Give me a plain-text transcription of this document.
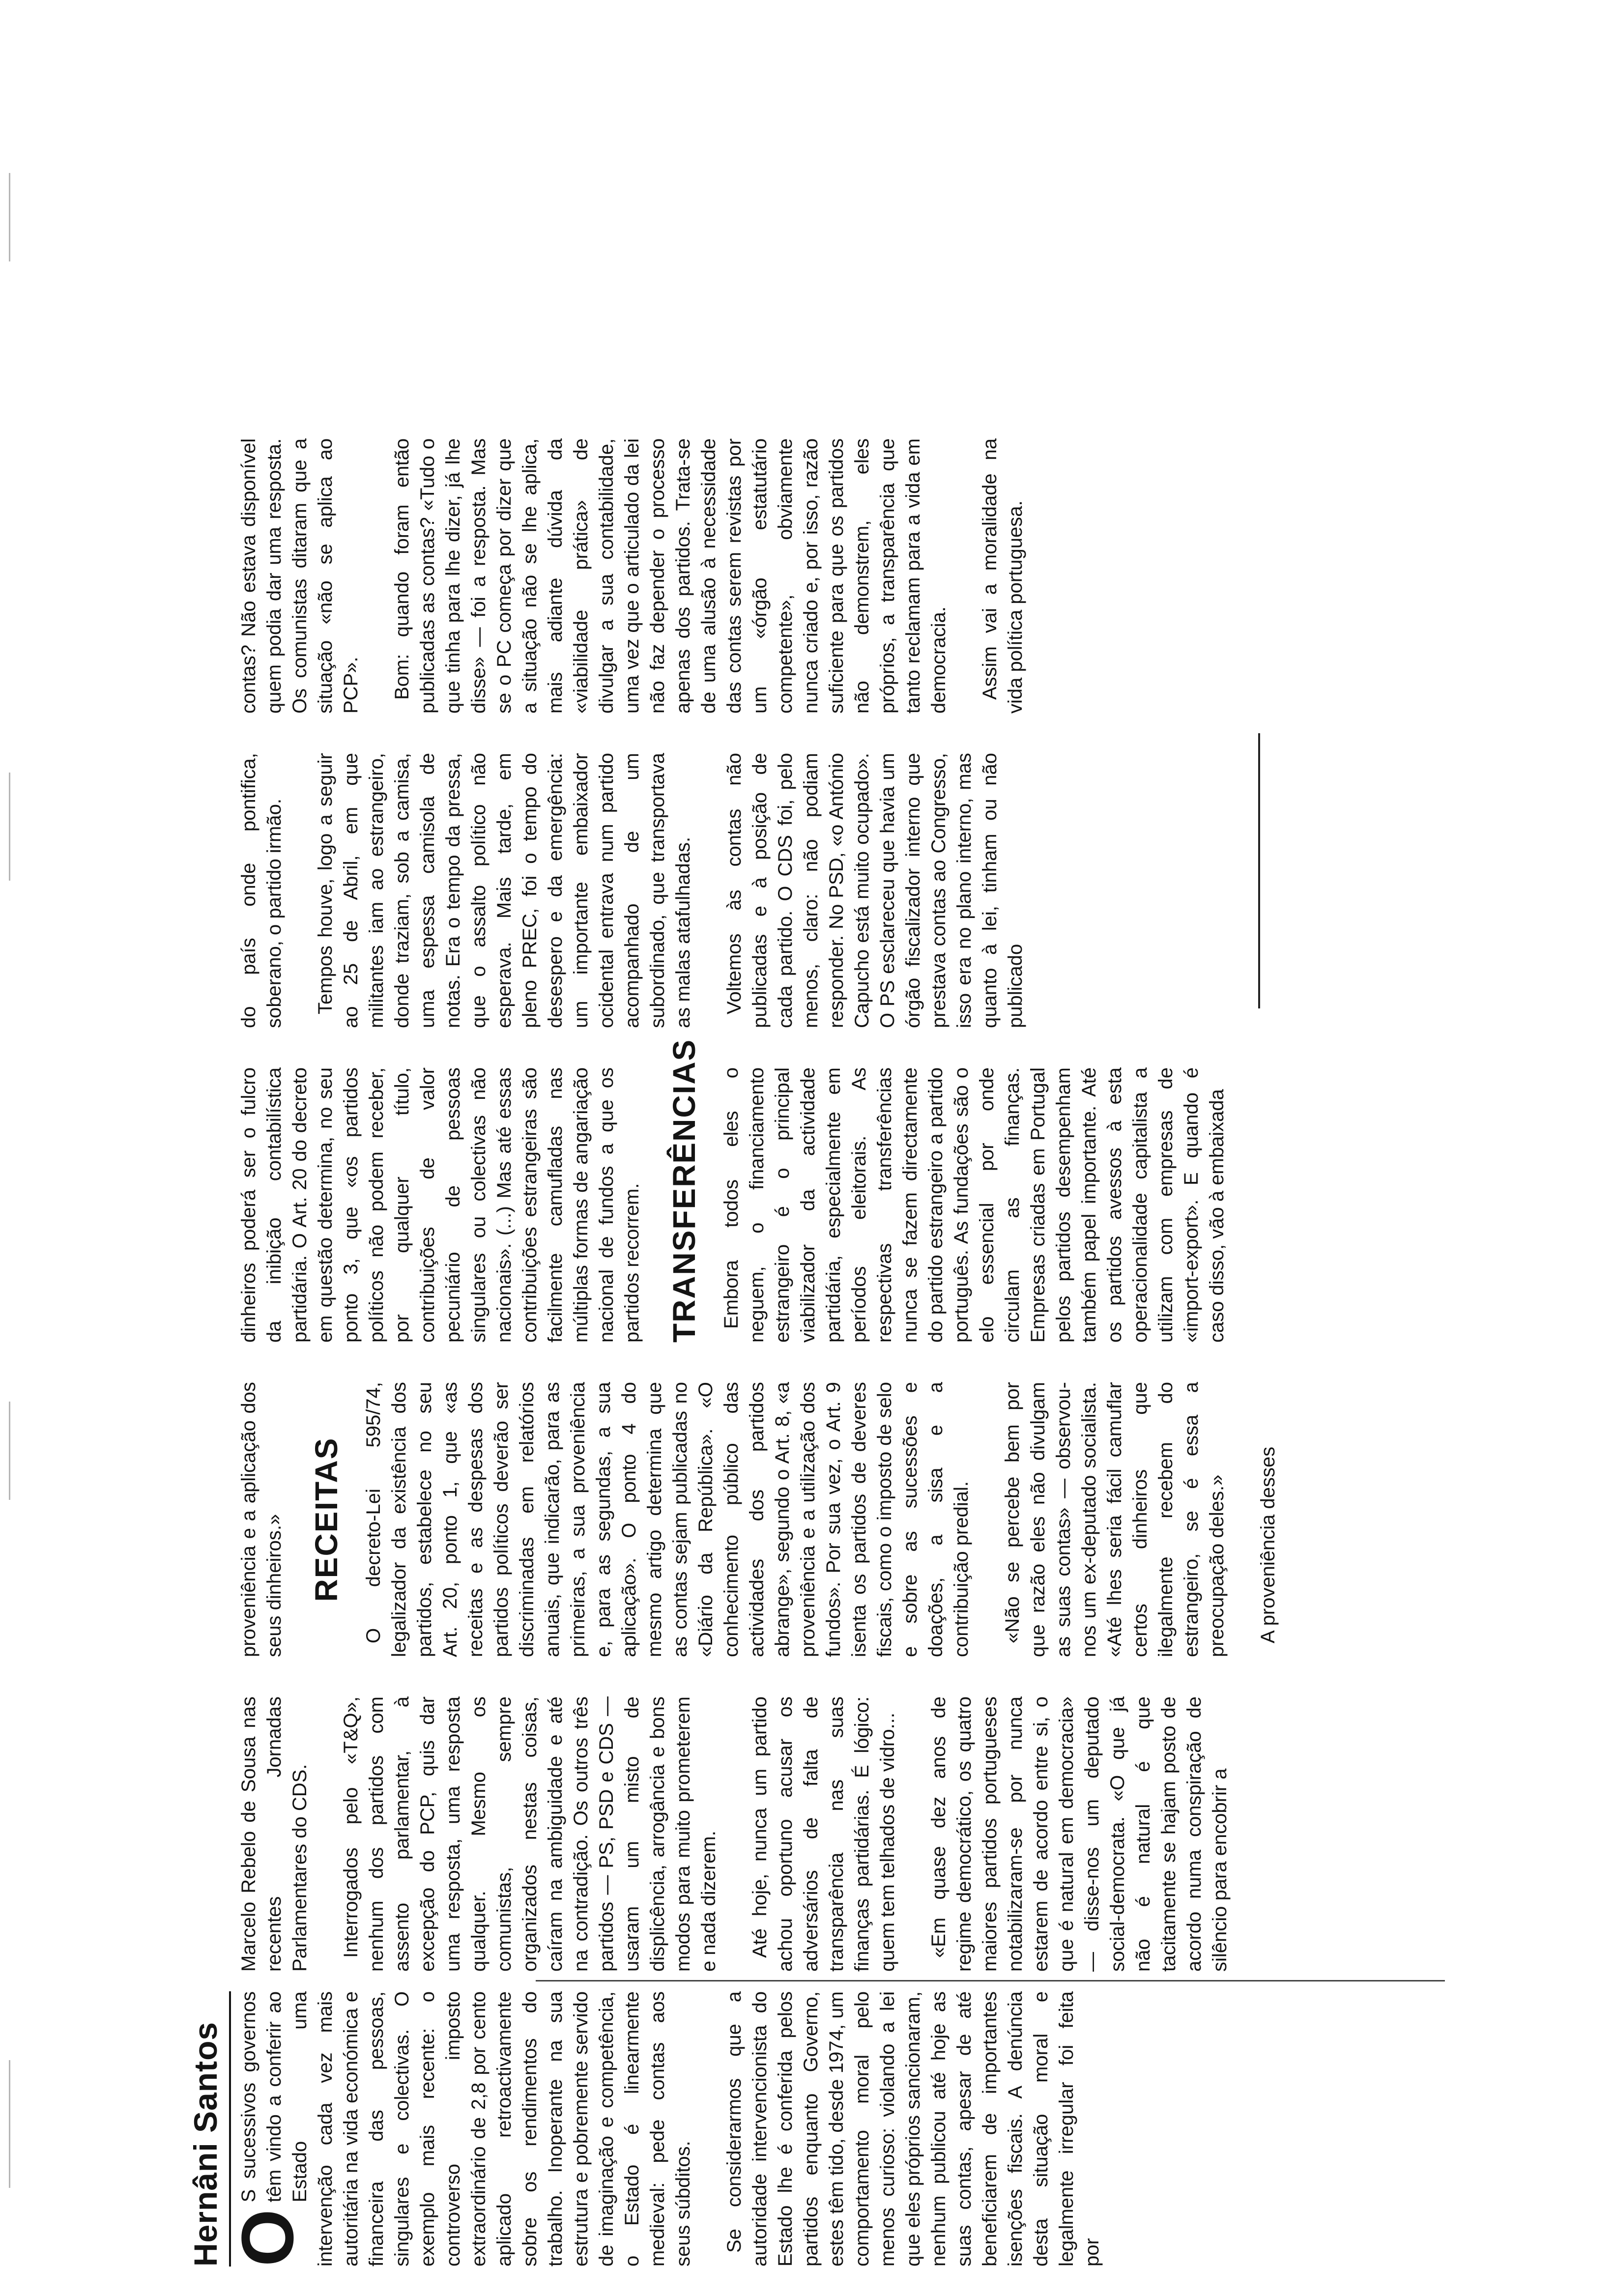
Hernâni Santos O
S sucessivos governos têm vindo a conferir ao Estado uma intervenção cada vez mais autoritária na vida económica e financeira das pessoas, singulares e colectivas. O exemplo mais recente: o controverso imposto extraordinário de 2,8 por cento aplicado retroactivamente sobre os rendimentos do trabalho. Inoperante na sua estrutura e pobremente servido de imaginação e competência, o Estado é linearmente medieval: pede contas aos seus súbditos. Se considerarmos que a autoridade intervencionista do Estado lhe é conferida pelos partidos enquanto Governo, estes têm tido, desde 1974, um comportamento moral pelo menos curioso: violando a lei que eles próprios sancionaram, nenhum publicou até hoje as suas contas, apesar de até beneficiarem de importantes isenções fiscais. A denúncia desta situação moral e legalmente irregular foi feita por

Marcelo Rebelo de Sousa nas recentes Jornadas Parlamentares do CDS. Interrogados pelo «T&Q», nenhum dos partidos com assento parlamentar, à excepção do PCP, quis dar uma resposta, uma resposta qualquer. Mesmo os comunistas, sempre organizados nestas coisas, caíram na ambiguidade e até na contradição. Os outros três partidos — PS, PSD e CDS — usaram um misto de displicência, arrogância e bons modos para muito prometerem e nada dizerem. Até hoje, nunca um partido achou oportuno acusar os adversários de falta de transparência nas suas finanças partidárias. É lógico: quem tem telhados de vidro... «Em quase dez anos de regime democrático, os quatro maiores partidos portugueses notabilizaram-se por nunca estarem de acordo entre si, o que é natural em democracia» — disse-nos um deputado social-democrata. «O que já não é natural é que tacitamente se hajam posto de acordo numa conspiração de silêncio para encobrir a

proveniência e a aplicação dos seus dinheiros.» RECEITAS O decreto-Lei 595/74, legalizador da existência dos partidos, estabelece no seu Art. 20, ponto 1, que «as receitas e as despesas dos partidos políticos deverão ser discriminadas em relatórios anuais, que indicarão, para as primeiras, a sua proveniência e, para as segundas, a sua aplicação». O ponto 4 do mesmo artigo determina que as contas sejam publicadas no «Diário da República». «O conhecimento público das actividades dos partidos abrange», segundo o Art. 8, «a proveniência e a utilização dos fundos». Por sua vez, o Art. 9 isenta os partidos de deveres fiscais, como o imposto de selo e sobre as sucessões e doações, a sisa e a contribuição predial. «Não se percebe bem por que razão eles não divulgam as suas contas» — observou-nos um ex-deputado socialista. «Até lhes seria fácil camuflar certos dinheiros que ilegalmente recebem do estrangeiro, se é essa a preocupação deles.» A proveniência desses

dinheiros poderá ser o fulcro da inibição contabilística partidária. O Art. 20 do decreto em questão determina, no seu ponto 3, que «os partidos políticos não podem receber, por qualquer título, contribuições de valor pecuniário de pessoas singulares ou colectivas não nacionais». (...) Mas até essas contribuições estrangeiras são facilmente camufladas nas múltiplas formas de angariação nacional de fundos a que os partidos recorrem. TRANSFERÊNCIAS Embora todos eles o neguem, o financiamento estrangeiro é o principal viabilizador da actividade partidária, especialmente em períodos eleitorais. As respectivas transferências nunca se fazem directamente do partido estrangeiro a partido português. As fundações são o elo essencial por onde circulam as finanças. Empresas criadas em Portugal pelos partidos desempenham também papel importante. Até os partidos avessos à esta operacionalidade capitalista a utilizam com empresas de «import-export». E quando é caso disso, vão à embaixada

do país onde pontifica, soberano, o partido irmão. Tempos houve, logo a seguir ao 25 de Abril, em que militantes iam ao estrangeiro, donde traziam, sob a camisa, uma espessa camisola de notas. Era o tempo da pressa, que o assalto político não esperava. Mais tarde, em pleno PREC, foi o tempo do desespero e da emergência: um importante embaixador ocidental entrava num partido acompanhado de um subordinado, que transportava as malas atafulhadas. Voltemos às contas não publicadas e à posição de cada partido. O CDS foi, pelo menos, claro: não podiam responder. No PSD, «o António Capucho está muito ocupado». O PS esclareceu que havia um órgão fiscalizador interno que prestava contas ao Congresso, isso era no plano interno, mas quanto à lei, tinham ou não publicado

contas? Não estava disponível quem podia dar uma resposta. Os comunistas ditaram que a situação «não se aplica ao PCP». Bom: quando foram então publicadas as contas? «Tudo o que tinha para lhe dizer, já lhe disse» — foi a resposta. Mas se o PC começa por dizer que a situação não se lhe aplica, mais adiante dúvida da «viabilidade prática» de divulgar a sua contabilidade, uma vez que o articulado da lei não faz depender o processo apenas dos partidos. Trata-se de uma alusão à necessidade das contas serem revistas por um «órgão estatutário competente», obviamente nunca criado e, por isso, razão suficiente para que os partidos não demonstrem, eles próprios, a transparência que tanto reclamam para a vida em democracia. Assim vai a moralidade na vida política portuguesa.
